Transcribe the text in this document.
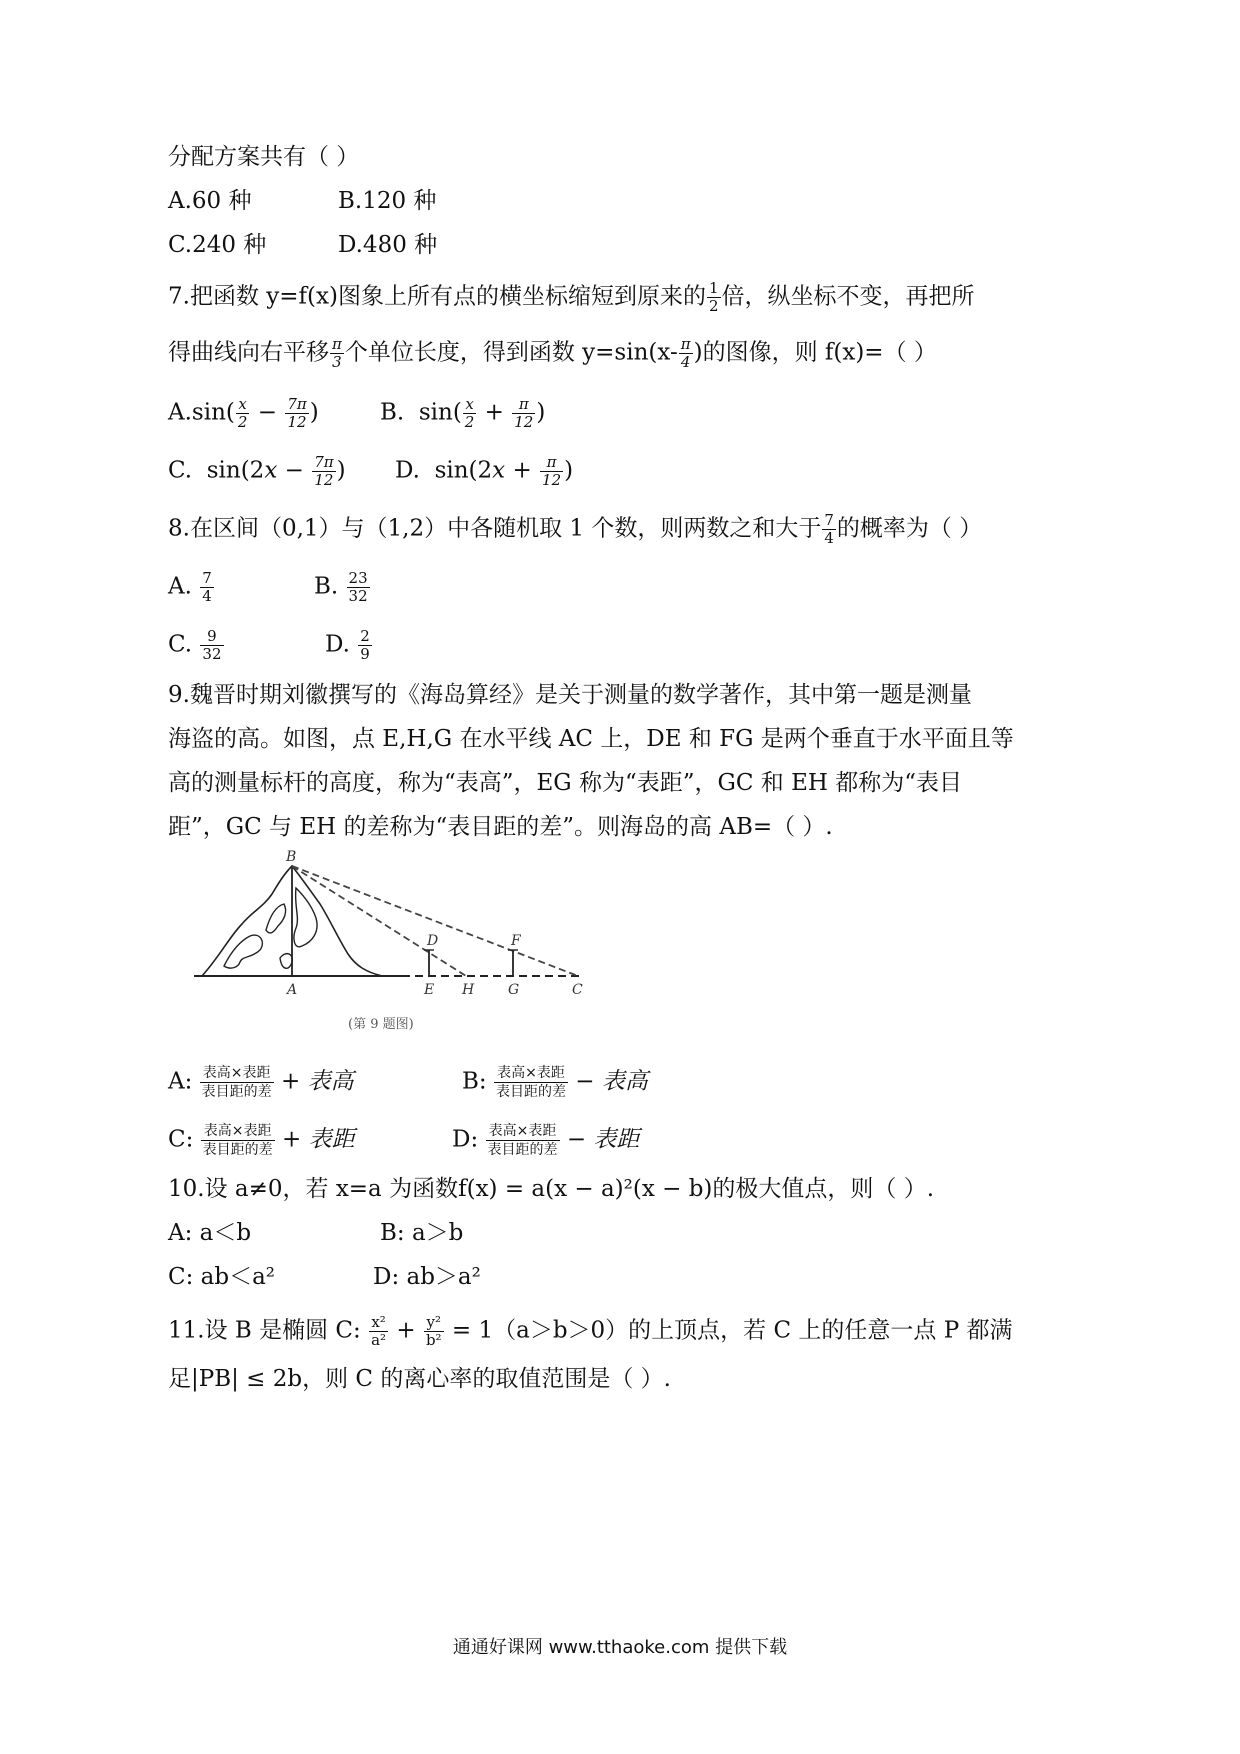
分配方案共有（ ）
A.60 种	B.120 种
C.240 种	D.480 种
7.把函数 y=f(x)图象上所有点的横坐标缩短到原来的 $\frac{1}{2}$ 倍，纵坐标不变，再把所
得曲线向右平移 $\frac{\pi}{3}$ 个单位长度，得到函数 $y=\sin(x- \frac{\pi}{4}$ )的图像，则 f(x)=（ ）
$A.\sin( \frac{x}{2} - \frac{7\pi}{12}$ )	B. $\sin( \frac{x}{2} + \frac{\pi}{12}$ )
C. $\sin(2x - \frac{7\pi}{12}$ ) D. $\sin(2x + \frac{\pi}{12}$ )
8.在区间（0,1）与（1,2）中各随机取 1 个数，则两数之和大于 $\frac{7}{4}$ 的概率为（ ）
A. $\frac{7}{4}$	B. $\frac{23}{32}$
C. $\frac{9}{32}$	D. $\frac{2}{9}$
9.魏晋时期刘徽撰写的《海岛算经》是关于测量的数学著作，其中第一题是测量
海盗的高。如图，点 E,H,G 在水平线 AC 上，DE 和 FG 是两个垂直于水平面且等
高的测量标杆的高度，称为“表高”，EG 称为“表距”，GC 和 EH 都称为“表目
距”，GC 与 EH 的差称为“表目距的差”。则海岛的高 AB=（ ）.
B
D	F
A	E H G	C
(第 9 题图)
A: $\frac{\text{表高×表距}}{\text{表目距的差}}$ + 表高	B: $\frac{\text{表高×表距}}{\text{表目距的差}}$ − 表高
C: $\frac{\text{表高×表距}}{\text{表目距的差}}$ + 表距	D: $\frac{\text{表高×表距}}{\text{表目距的差}}$ − 表距
10.设 a≠0，若 x=a 为函数f(x) = a(x − a)²(x − b)的极大值点，则（ ）.
A: a＜b	B: a＞b
C: ab＜a²	D: ab＞a²
11.设 B 是椭圆 C: $\frac{\text{x²}}{\text{a²}} + \frac{\text{y²}}{\text{b²}} = 1(a>b>0)$的上顶点，若 C 上的任意一点 P 都满
足|PB| ≤ 2b，则 C 的离心率的取值范围是（ ）.
通通好课网 www.tthaoke.com 提供下载
